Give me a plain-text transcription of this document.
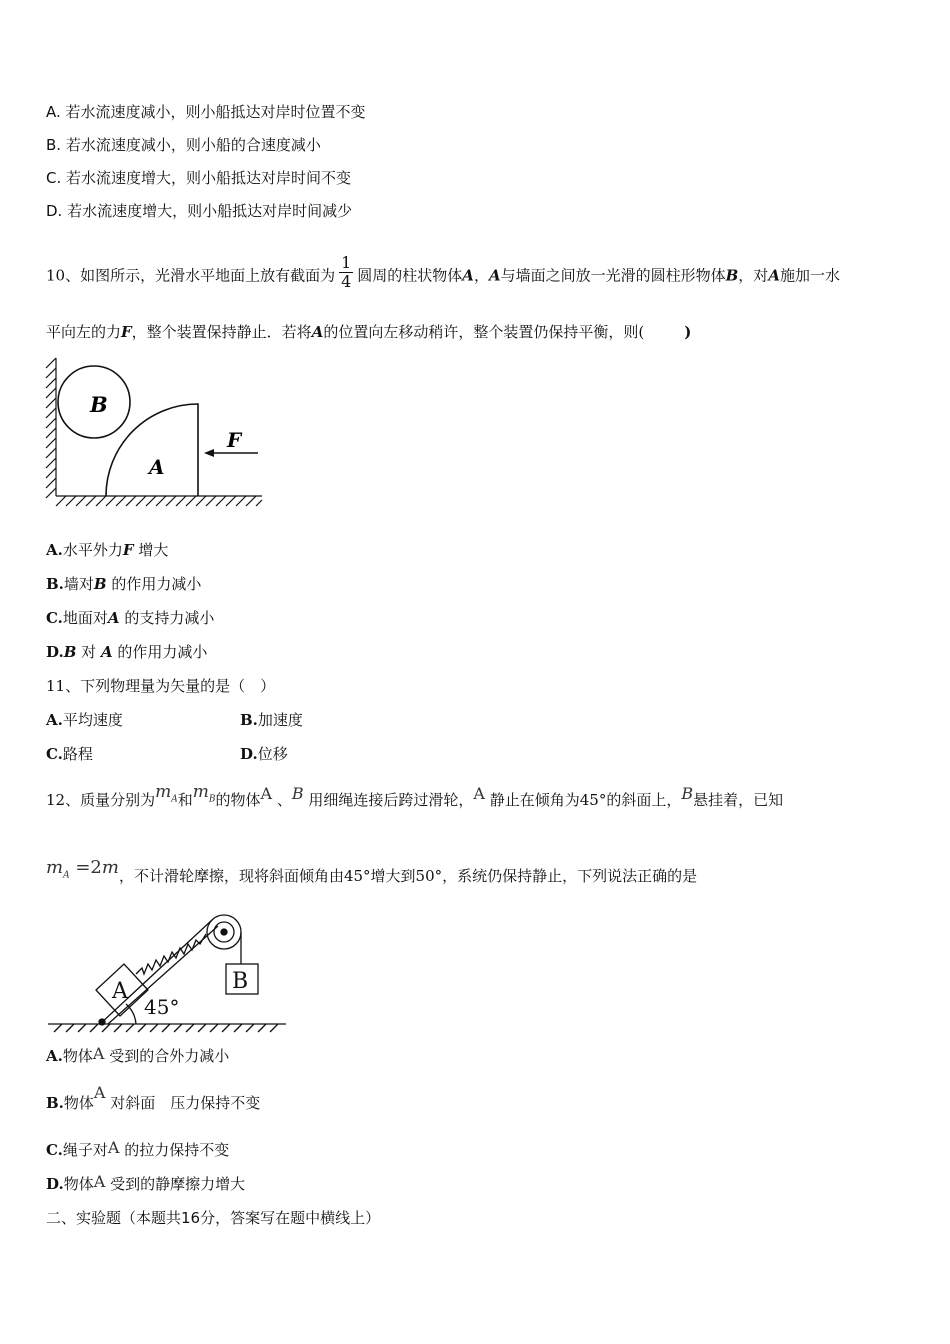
A. 若水流速度减小，则小船抵达对岸时位置不变
B. 若水流速度减小，则小船的合速度减小
C. 若水流速度增大，则小船抵达对岸时间不变
D. 若水流速度增大，则小船抵达对岸时间减少
10、如图所示，光滑水平地面上放有截面为 $\frac{1}{4}$ 圆周的柱状物体A，A与墙面之间放一光滑的圆柱形物体B，对A施加一水
平向左的力F，整个装置保持静止．若将A的位置向左移动稍许，整个装置仍保持平衡，则(	)
B
A
F
A.水平外力F 增大
B.墙对B 的作用力减小
C.地面对A 的支持力减小
D.B 对 A 的作用力减小
11、下列物理量为矢量的是（　）
A.平均速度	B.加速度
C.路程	D.位移
12、质量分别为$m_A$和$m_B$的物体A 、B 用细绳连接后跨过滑轮，A 静止在倾角为45°的斜面上，B悬挂着，已知
$m_A =2m$，不计滑轮摩擦，现将斜面倾角由45°增大到50°，系统仍保持静止，下列说法正确的是
A	B
45°
A.物体A 受到的合外力减小
B.物体A 对斜面　压力保持不变
C.绳子对A 的拉力保持不变
D.物体A 受到的静摩擦力增大
二、实验题（本题共16分，答案写在题中横线上）
